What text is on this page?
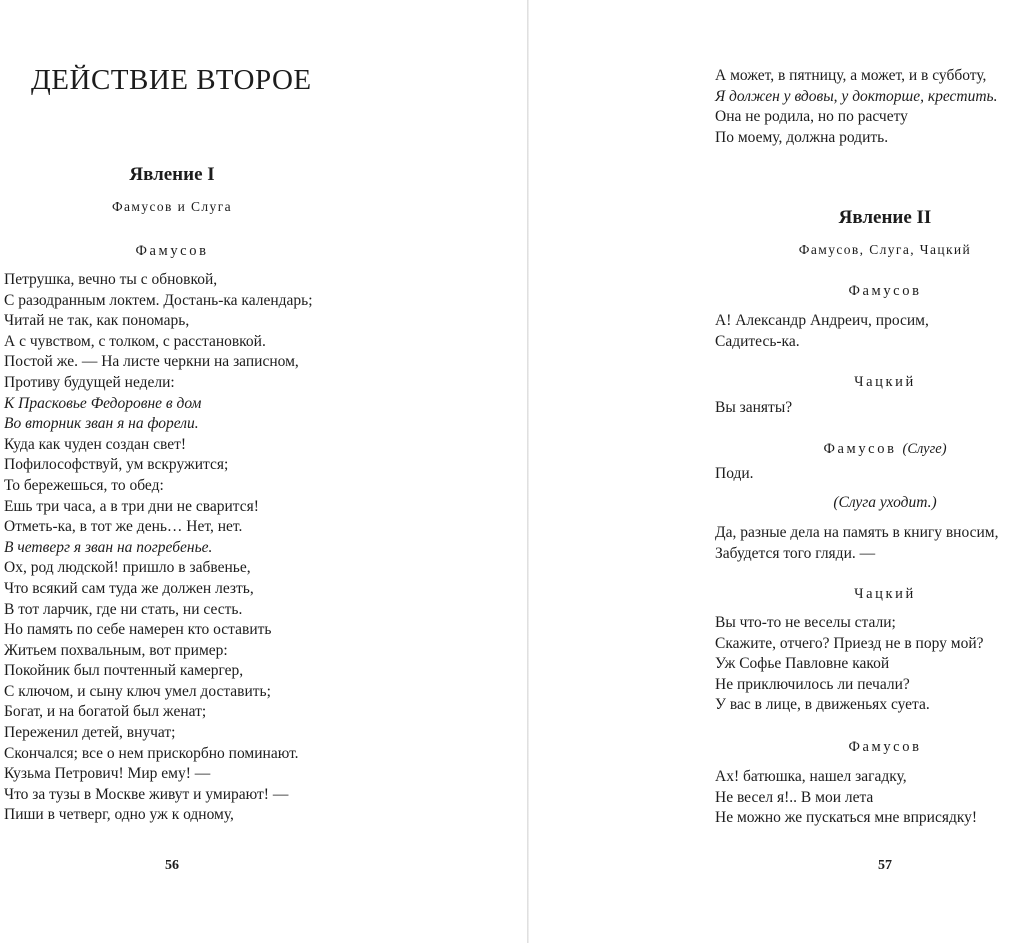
ДЕЙСТВИЕ ВТОРОЕ
Явление I
Фамусов и Слуга
Фамусов
Петрушка, вечно ты с обновкой,
С разодранным локтем. Достань-ка календарь;
Читай не так, как пономарь,
А с чувством, с толком, с расстановкой.
Постой же. — На листе черкни на записном,
Противу будущей недели:
К Прасковье Федоровне в дом
Во вторник зван я на форели.
Куда как чуден создан свет!
Пофилософствуй, ум вскружится;
То бережешься, то обед:
Ешь три часа, а в три дни не сварится!
Отметь-ка, в тот же день… Нет, нет.
В четверг я зван на погребенье.
Ох, род людской! пришло в забвенье,
Что всякий сам туда же должен лезть,
В тот ларчик, где ни стать, ни сесть.
Но память по себе намерен кто оставить
Житьем похвальным, вот пример:
Покойник был почтенный камергер,
С ключом, и сыну ключ умел доставить;
Богат, и на богатой был женат;
Переженил детей, внучат;
Скончался; все о нем прискорбно поминают.
Кузьма Петрович! Мир ему! —
Что за тузы в Москве живут и умирают! —
Пиши в четверг, одно уж к одному,
56
А может, в пятницу, а может, и в субботу,
Я должен у вдовы, у докторше, крестить.
Она не родила, но по расчету
По моему, должна родить.
Явление II
Фамусов, Слуга, Чацкий
Фамусов
А! Александр Андреич, просим,
Садитесь-ка.
Чацкий
Вы заняты?
Фамусов (Слуге)
Поди.
(Слуга уходит.)
Да, разные дела на память в книгу вносим,
Забудется того гляди. —
Чацкий
Вы что-то не веселы стали;
Скажите, отчего? Приезд не в пору мой?
Уж Софье Павловне какой
Не приключилось ли печали?
У вас в лице, в движеньях суета.
Фамусов
Ах! батюшка, нашел загадку,
Не весел я!.. В мои лета
Не можно же пускаться мне вприсядку!
57
